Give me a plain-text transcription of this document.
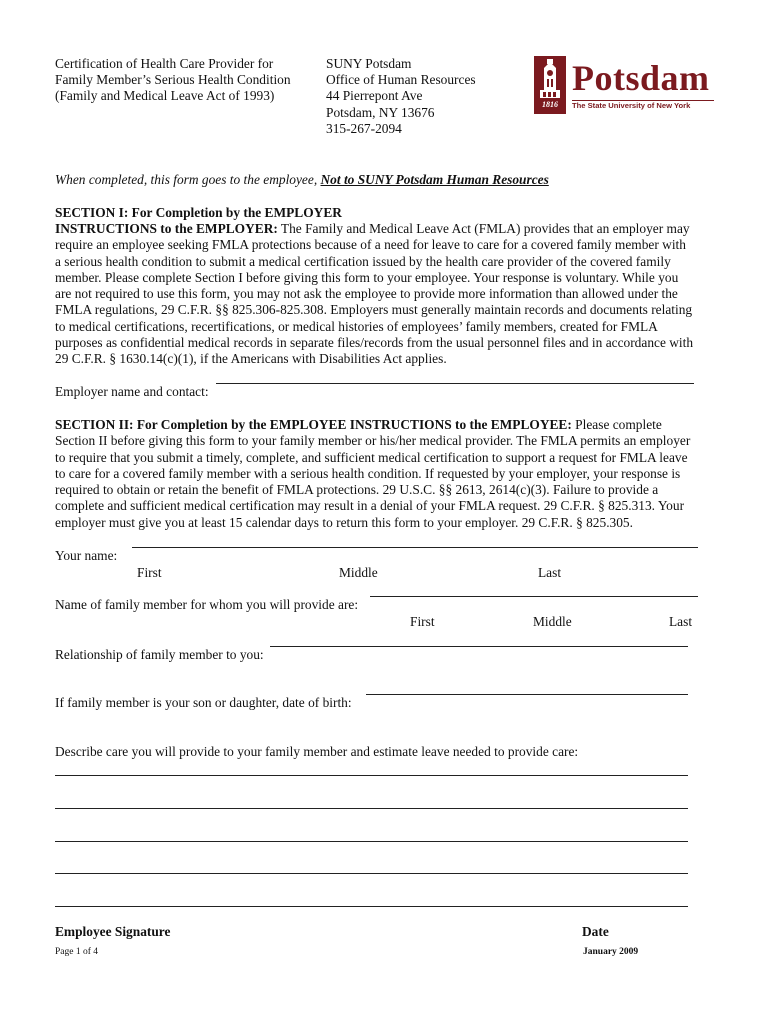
Certification of Health Care Provider for
Family Member’s Serious Health Condition
(Family and Medical Leave Act of 1993)
SUNY Potsdam
Office of Human Resources
44 Pierrepont Ave
Potsdam, NY 13676
315-267-2094
1816
Potsdam
The State University of New York
When completed, this form goes to the employee, Not to SUNY Potsdam Human Resources
SECTION I: For Completion by the EMPLOYER
INSTRUCTIONS to the EMPLOYER: The Family and Medical Leave Act (FMLA) provides that an employer may
require an employee seeking FMLA protections because of a need for leave to care for a covered family member with
a serious health condition to submit a medical certification issued by the health care provider of the covered family
member. Please complete Section I before giving this form to your employee. Your response is voluntary. While you
are not required to use this form, you may not ask the employee to provide more information than allowed under the
FMLA regulations, 29 C.F.R. §§ 825.306-825.308. Employers must generally maintain records and documents relating
to medical certifications, recertifications, or medical histories of employees’ family members, created for FMLA
purposes as confidential medical records in separate files/records from the usual personnel files and in accordance with
29 C.F.R. § 1630.14(c)(1), if the Americans with Disabilities Act applies.
Employer name and contact:
SECTION II: For Completion by the EMPLOYEE INSTRUCTIONS to the EMPLOYEE: Please complete
Section II before giving this form to your family member or his/her medical provider. The FMLA permits an employer
to require that you submit a timely, complete, and sufficient medical certification to support a request for FMLA leave
to care for a covered family member with a serious health condition. If requested by your employer, your response is
required to obtain or retain the benefit of FMLA protections. 29 U.S.C. §§ 2613, 2614(c)(3). Failure to provide a
complete and sufficient medical certification may result in a denial of your FMLA request. 29 C.F.R. § 825.313. Your
employer must give you at least 15 calendar days to return this form to your employer. 29 C.F.R. § 825.305.
Your name:
First	Middle	Last
Name of family member for whom you will provide are:
First	Middle	Last
Relationship of family member to you:
If family member is your son or daughter, date of birth:
Describe care you will provide to your family member and estimate leave needed to provide care:
Employee Signature	Date
Page 1 of 4	January 2009
